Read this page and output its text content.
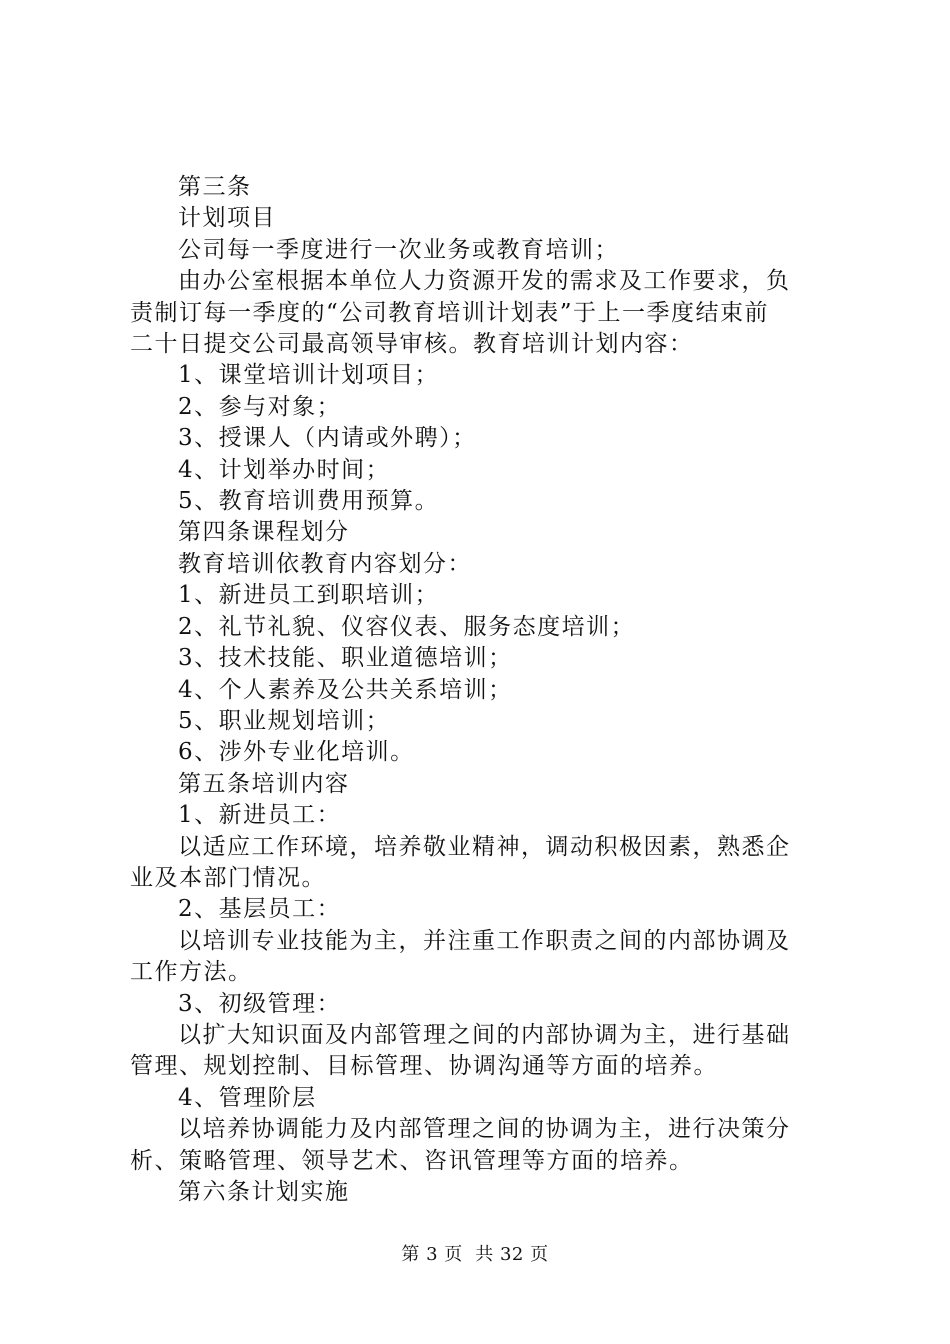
第三条
计划项目
公司每一季度进行一次业务或教育培训；
由办公室根据本单位人力资源开发的需求及工作要求，负
责制订每一季度的“公司教育培训计划表”于上一季度结束前
二十日提交公司最高领导审核。教育培训计划内容：
1、课堂培训计划项目；
2、参与对象；
3、授课人（内请或外聘）；
4、计划举办时间；
5、教育培训费用预算。
第四条课程划分
教育培训依教育内容划分：
1、新进员工到职培训；
2、礼节礼貌、仪容仪表、服务态度培训；
3、技术技能、职业道德培训；
4、个人素养及公共关系培训；
5、职业规划培训；
6、涉外专业化培训。
第五条培训内容
1、新进员工：
以适应工作环境，培养敬业精神，调动积极因素，熟悉企
业及本部门情况。
2、基层员工：
以培训专业技能为主，并注重工作职责之间的内部协调及
工作方法。
3、初级管理：
以扩大知识面及内部管理之间的内部协调为主，进行基础
管理、规划控制、目标管理、协调沟通等方面的培养。
4、管理阶层
以培养协调能力及内部管理之间的协调为主，进行决策分
析、策略管理、领导艺术、咨讯管理等方面的培养。
第六条计划实施
第 3 页  共 32 页
